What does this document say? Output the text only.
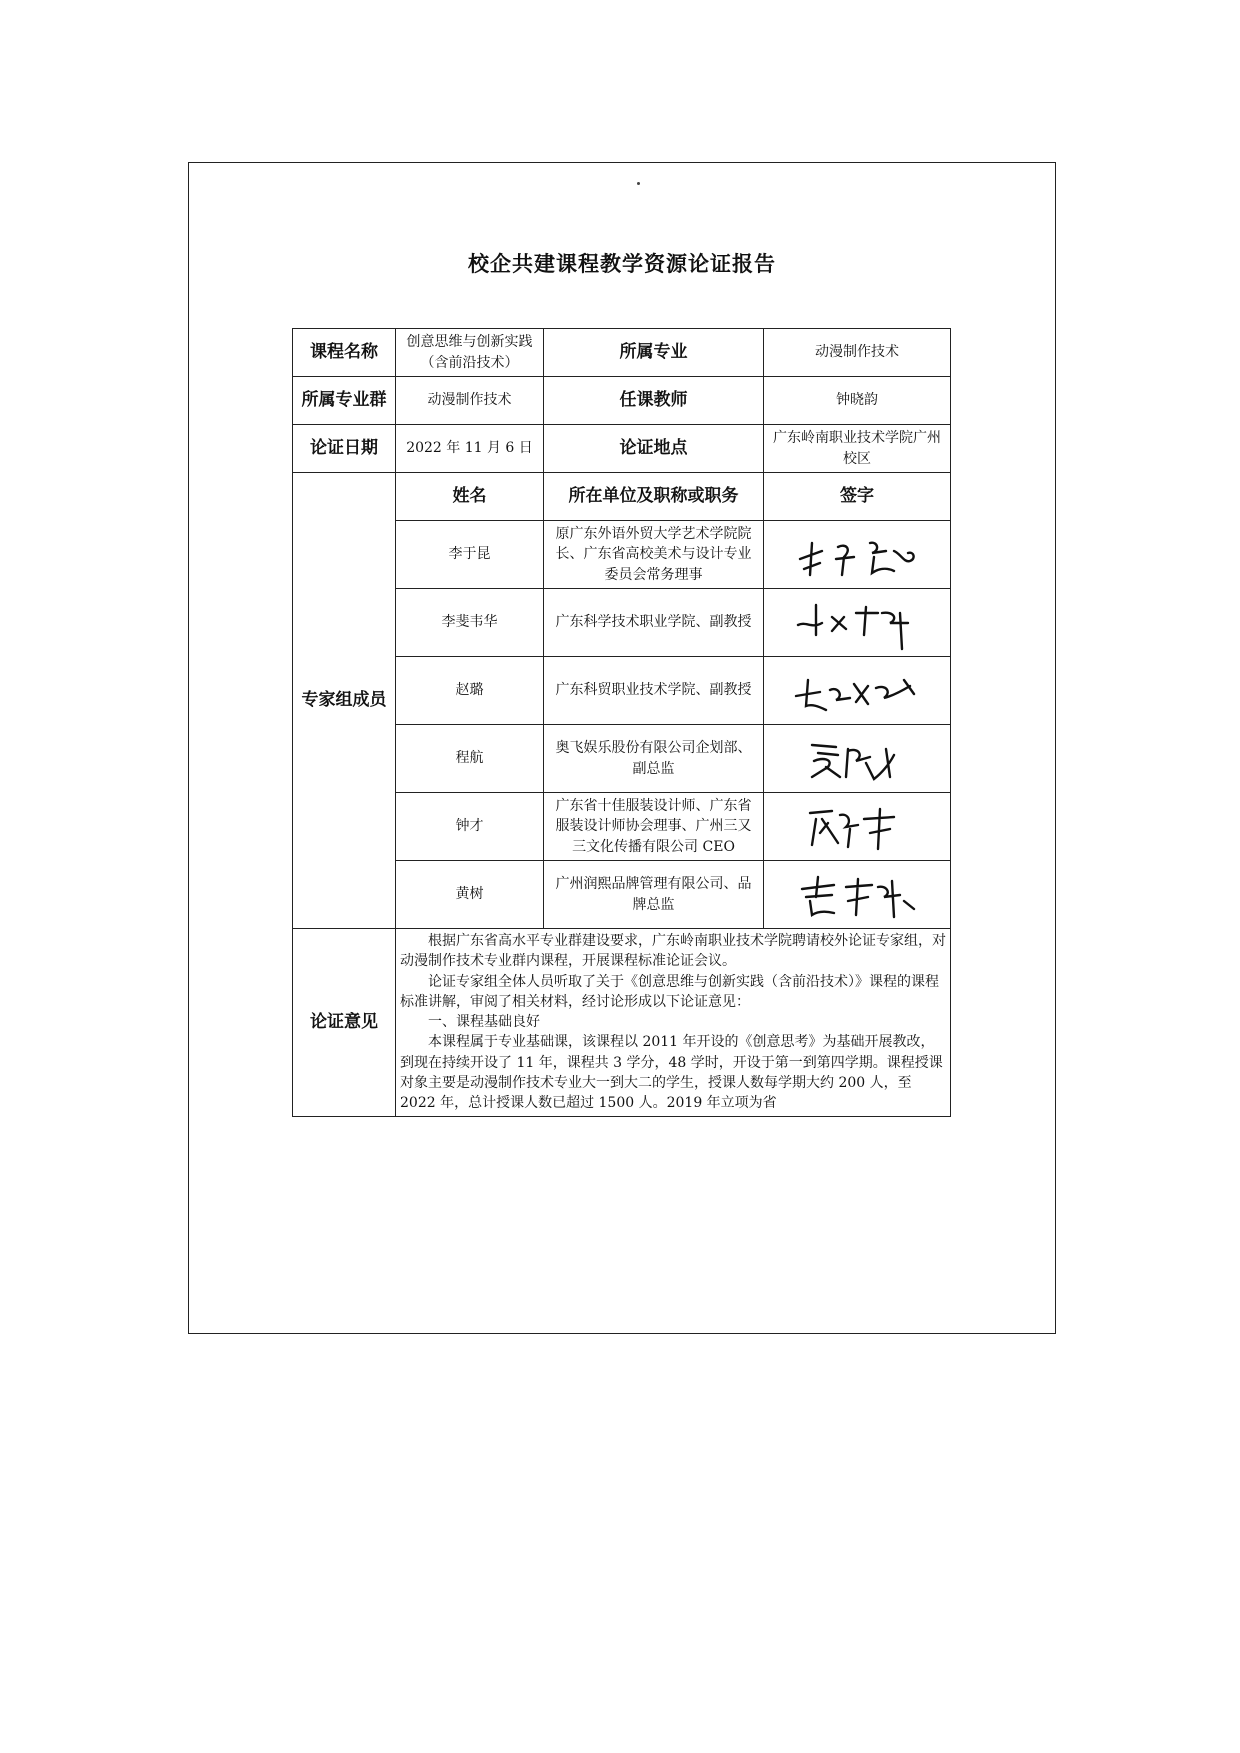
校企共建课程教学资源论证报告
课程名称	创意思维与创新实践（含前沿技术）	所属专业	动漫制作技术
所属专业群	动漫制作技术	任课教师	钟晓韵
论证日期	2022 年 11 月 6 日	论证地点	广东岭南职业技术学院广州校区
专家组成员	姓名	所在单位及职称或职务	签字
	李于昆	原广东外语外贸大学艺术学院院长、广东省高校美术与设计专业委员会常务理事	

	李斐韦华	广东科学技术职业学院、副教授	

	赵璐	广东科贸职业技术学院、副教授	

	程航	奥飞娱乐股份有限公司企划部、副总监	

	钟才	广东省十佳服装设计师、广东省服装设计师协会理事、广州三又三文化传播有限公司 CEO	

	黄树	广州润熙品牌管理有限公司、品牌总监	

论证意见	根据广东省高水平专业群建设要求，广东岭南职业技术学院聘请校外论证专家组，对动漫制作技术专业群内课程，开展课程标准论证会议。

论证专家组全体人员听取了关于《创意思维与创新实践（含前沿技术）》课程的课程标准讲解，审阅了相关材料，经讨论形成以下论证意见：

一、课程基础良好

本课程属于专业基础课，该课程以 2011 年开设的《创意思考》为基础开展教改，到现在持续开设了 11 年，课程共 3 学分，48 学时，开设于第一到第四学期。课程授课对象主要是动漫制作技术专业大一到大二的学生，授课人数每学期大约 200 人，至 2022 年，总计授课人数已超过 1500 人。2019 年立项为省		
